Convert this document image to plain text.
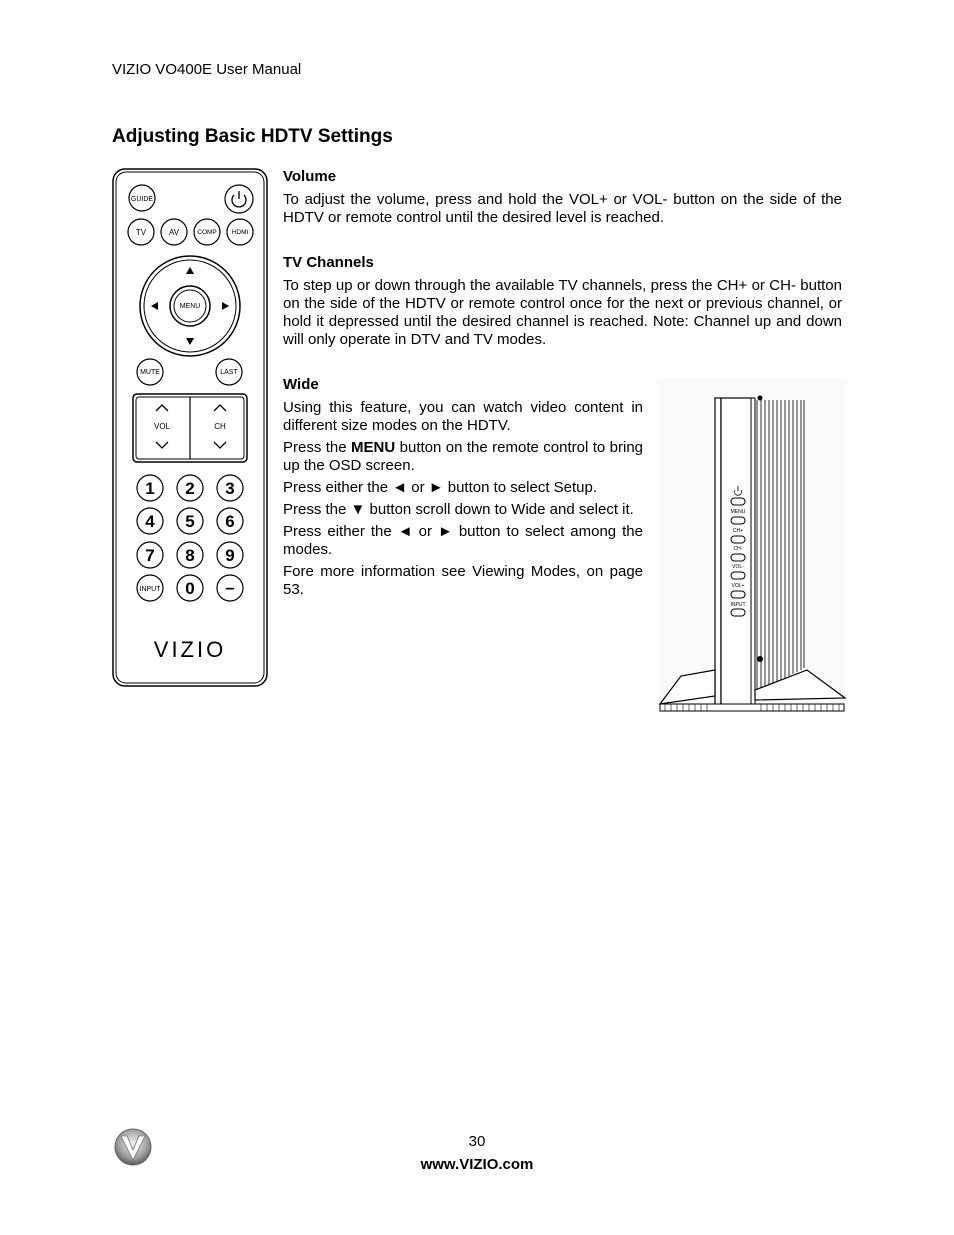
VIZIO VO400E User Manual
Adjusting Basic HDTV Settings
GUIDE
TV	AV	COMP HDMI
MENU
MUTE	LAST
VOL	CH
1 2 3
4 5 6
7 8 9
INPUT 0 –
VIZIO
Volume

To adjust the volume, press and hold the VOL+ or VOL- button on the side of the HDTV or remote control until the desired level is reached.

TV Channels

To step up or down through the available TV channels, press the CH+ or CH- button on the side of the HDTV or remote control once for the next or previous channel, or hold it depressed until the desired channel is reached. Note: Channel up and down will only operate in DTV and TV modes.

Wide

Using this feature, you can watch video content in different size modes on the HDTV.

Press the MENU button on the remote control to bring up the OSD screen.

Press either the ◄ or ► button to select Setup.

Press the ▼ button scroll down to Wide and select it.

Press either the ◄ or ► button to select among the modes.

Fore more information see Viewing Modes, on page 53.

MENU
CH+
CH-
VOL-
VOL+
INPUT
30
www.VIZIO.com
